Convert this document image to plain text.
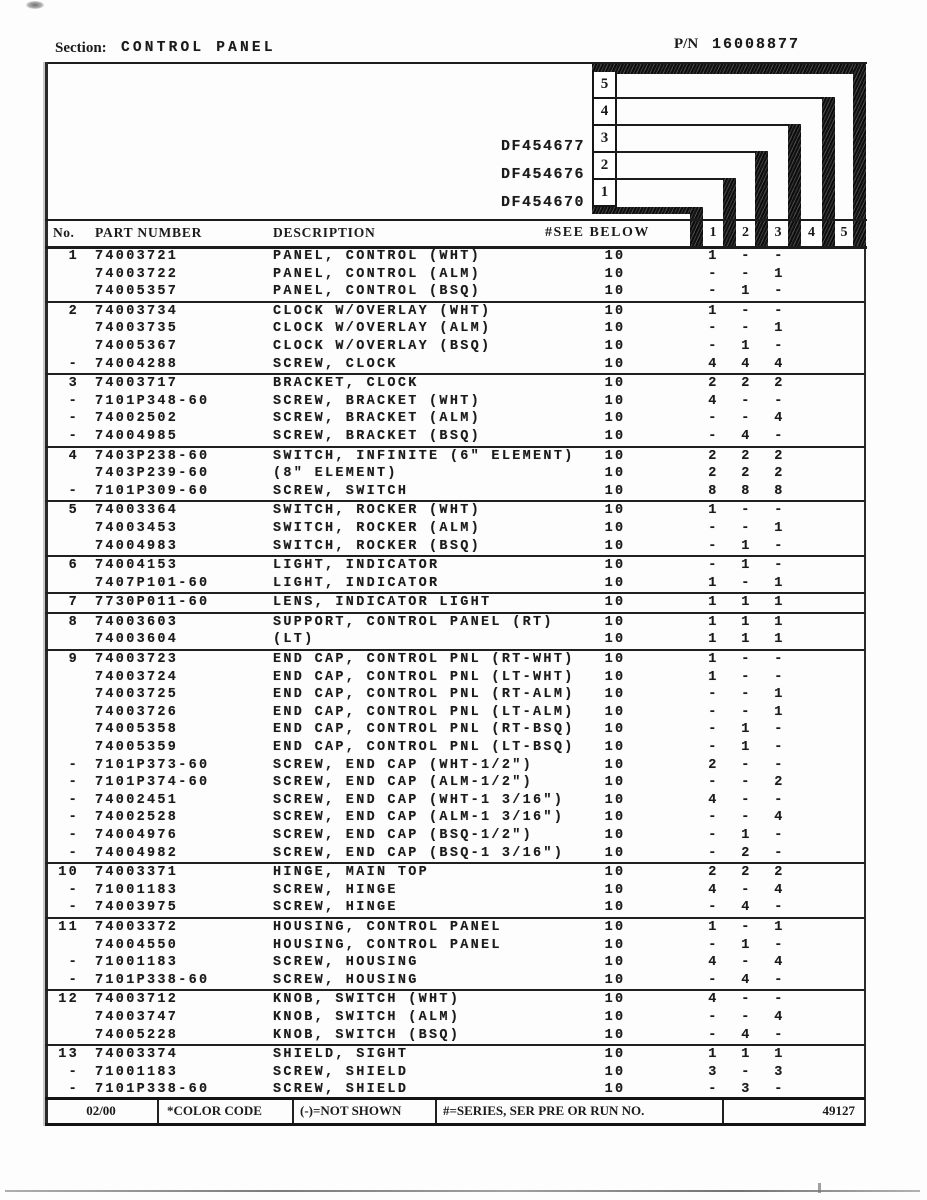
Section: CONTROL PANEL	P/N 16008877
5
4
3
2
1
DF454677
DF454676
DF454670
No. PART NUMBER	DESCRIPTION	#SEE BELOW	1	2	3	4	5
1 74003721	PANEL, CONTROL (WHT)	10	1	-	-
74003722	PANEL, CONTROL (ALM)	10	-	-	1
74005357	PANEL, CONTROL (BSQ)	10	-	1	-
2 74003734	CLOCK W/OVERLAY (WHT)	10	1	-	-
74003735	CLOCK W/OVERLAY (ALM)	10	-	-	1
74005367	CLOCK W/OVERLAY (BSQ)	10	-	1	-
- 74004288	SCREW, CLOCK	10	4	4	4
3 74003717	BRACKET, CLOCK	10	2	2	2
- 7101P348-60	SCREW, BRACKET (WHT)	10	4	-	-
- 74002502	SCREW, BRACKET (ALM)	10	-	-	4
- 74004985	SCREW, BRACKET (BSQ)	10	-	4	-
4 7403P238-60	SWITCH, INFINITE (6" ELEMENT)	10	2	2	2
7403P239-60	(8" ELEMENT)	10	2	2	2
- 7101P309-60	SCREW, SWITCH	10	8	8	8
5 74003364	SWITCH, ROCKER (WHT)	10	1	-	-
74003453	SWITCH, ROCKER (ALM)	10	-	-	1
74004983	SWITCH, ROCKER (BSQ)	10	-	1	-
6 74004153	LIGHT, INDICATOR	10	-	1	-
7407P101-60	LIGHT, INDICATOR	10	1	-	1
7 7730P011-60	LENS, INDICATOR LIGHT	10	1	1	1
8 74003603	SUPPORT, CONTROL PANEL (RT)	10	1	1	1
74003604	(LT)	10	1	1	1
9 74003723	END CAP, CONTROL PNL (RT-WHT)	10	1	-	-
74003724	END CAP, CONTROL PNL (LT-WHT)	10	1	-	-
74003725	END CAP, CONTROL PNL (RT-ALM)	10	-	-	1
74003726	END CAP, CONTROL PNL (LT-ALM)	10	-	-	1
74005358	END CAP, CONTROL PNL (RT-BSQ)	10	-	1	-
74005359	END CAP, CONTROL PNL (LT-BSQ)	10	-	1	-
- 7101P373-60	SCREW, END CAP (WHT-1/2")	10	2	-	-
- 7101P374-60	SCREW, END CAP (ALM-1/2")	10	-	-	2
- 74002451	SCREW, END CAP (WHT-1 3/16")	10	4	-	-
- 74002528	SCREW, END CAP (ALM-1 3/16")	10	-	-	4
- 74004976	SCREW, END CAP (BSQ-1/2")	10	-	1	-
- 74004982	SCREW, END CAP (BSQ-1 3/16")	10	-	2	-
10 74003371	HINGE, MAIN TOP	10	2	2	2
- 71001183	SCREW, HINGE	10	4	-	4
- 74003975	SCREW, HINGE	10	-	4	-
11 74003372	HOUSING, CONTROL PANEL	10	1	-	1
74004550	HOUSING, CONTROL PANEL	10	-	1	-
- 71001183	SCREW, HOUSING	10	4	-	4
- 7101P338-60	SCREW, HOUSING	10	-	4	-
12 74003712	KNOB, SWITCH (WHT)	10	4	-	-
74003747	KNOB, SWITCH (ALM)	10	-	-	4
74005228	KNOB, SWITCH (BSQ)	10	-	4	-
13 74003374	SHIELD, SIGHT	10	1	1	1
- 71001183	SCREW, SHIELD	10	3	-	3
- 7101P338-60	SCREW, SHIELD	10	-	3	-
02/00	*COLOR CODE	(-)=NOT SHOWN	#=SERIES, SER PRE OR RUN NO.	49127
